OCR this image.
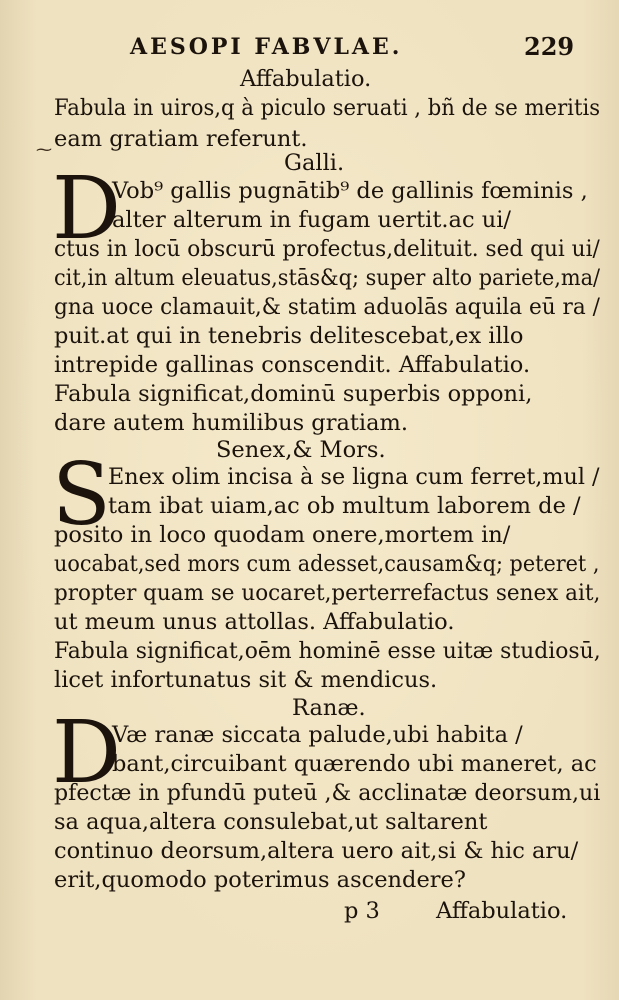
AESOPI FABVLAE.	229
Affabulatio.
Fabula in uiros,q à piculo seruati , bñ de se meritis
eam gratiam referunt.
⁓
Galli.
D
Vob⁹ gallis pugnātib⁹ de gallinis fœminis ,
alter alterum in fugam uertit.ac ui/
ctus in locū obscurū profectus,delituit. sed qui ui/
cit,in altum eleuatus,stās&q; super alto pariete,ma/
gna uoce clamauit,& statim aduolās aquila eū ra /
puit.at qui in tenebris delitescebat,ex illo
intrepide gallinas conscendit. Affabulatio.
Fabula significat,dominū superbis opponi,
dare autem humilibus gratiam.
Senex,& Mors.
S
Enex olim incisa à se ligna cum ferret,mul /
tam ibat uiam,ac ob multum laborem de /
posito in loco quodam onere,mortem in/
uocabat,sed mors cum adesset,causam&q; peteret ,
propter quam se uocaret,perterrefactus senex ait,
ut meum unus attollas. Affabulatio.
Fabula significat,oēm hominē esse uitæ studiosū,
licet infortunatus sit & mendicus.
Ranæ.
D
Væ ranæ siccata palude,ubi habita /
bant,circuibant quærendo ubi maneret, ac
pfectæ in pfundū puteū ,& acclinatæ deorsum,ui
sa aqua,altera consulebat,ut saltarent
continuo deorsum,altera uero ait,si & hic aru/
erit,quomodo poterimus ascendere?
p 3 Affabulatio.
